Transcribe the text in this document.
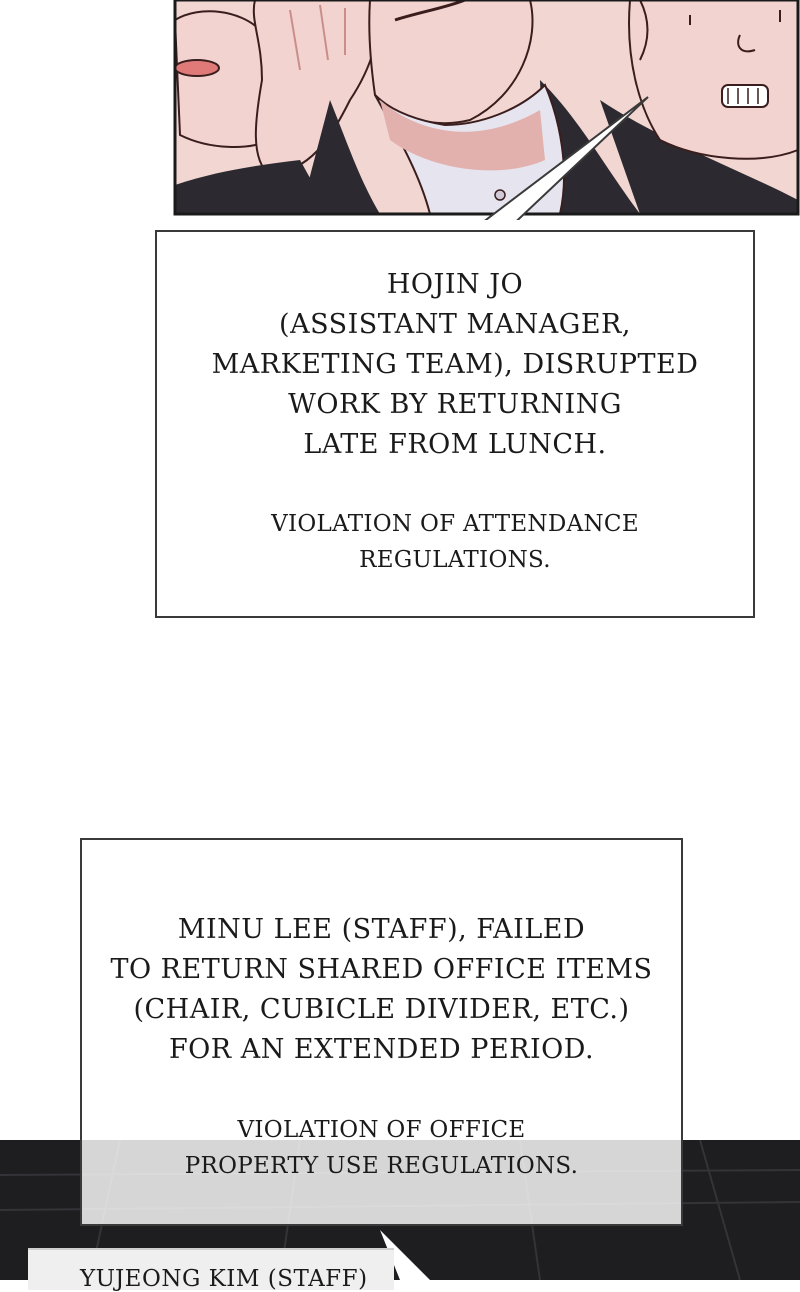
HOJIN JO
(ASSISTANT MANAGER,
MARKETING TEAM), DISRUPTED
WORK BY RETURNING
LATE FROM LUNCH.
VIOLATION OF ATTENDANCE
REGULATIONS.
MINU LEE (STAFF), FAILED
TO RETURN SHARED OFFICE ITEMS
(CHAIR, CUBICLE DIVIDER, ETC.)
FOR AN EXTENDED PERIOD.
VIOLATION OF OFFICE
PROPERTY USE REGULATIONS.
YUJEONG KIM (STAFF)
